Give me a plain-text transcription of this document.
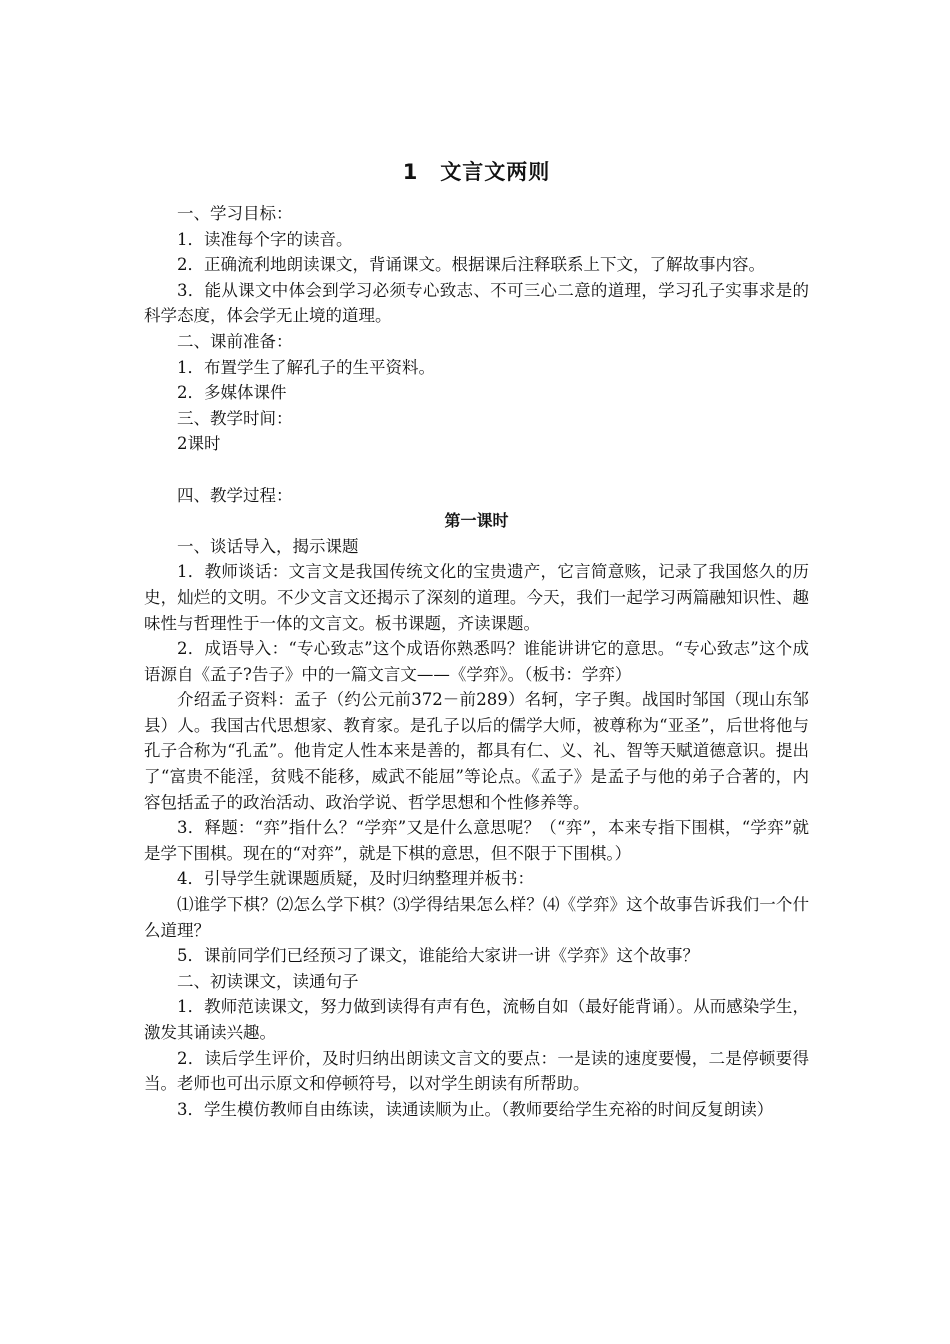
1　文言文两则

一、学习目标：

1．读准每个字的读音。

2．正确流利地朗读课文，背诵课文。根据课后注释联系上下文，了解故事内容。

3．能从课文中体会到学习必须专心致志、不可三心二意的道理，学习孔子实事求是的科学态度，体会学无止境的道理。

二、课前准备：

1．布置学生了解孔子的生平资料。

2．多媒体课件

三、教学时间：

2课时

四、教学过程：

第一课时

一、谈话导入，揭示课题

1．教师谈话：文言文是我国传统文化的宝贵遗产，它言简意赅，记录了我国悠久的历史，灿烂的文明。不少文言文还揭示了深刻的道理。今天，我们一起学习两篇融知识性、趣味性与哲理性于一体的文言文。板书课题，齐读课题。

2．成语导入：“专心致志”这个成语你熟悉吗？谁能讲讲它的意思。“专心致志”这个成语源自《孟子?告子》中的一篇文言文——《学弈》。（板书：学弈）

介绍孟子资料：孟子（约公元前372－前289）名轲，字子舆。战国时邹国（现山东邹县）人。我国古代思想家、教育家。是孔子以后的儒学大师，被尊称为“亚圣”，后世将他与孔子合称为“孔孟”。他肯定人性本来是善的，都具有仁、义、礼、智等天赋道德意识。提出了“富贵不能淫，贫贱不能移，威武不能屈”等论点。《孟子》是孟子与他的弟子合著的，内容包括孟子的政治活动、政治学说、哲学思想和个性修养等。

3．释题：“弈”指什么？“学弈”又是什么意思呢？（“弈”，本来专指下围棋，“学弈”就是学下围棋。现在的“对弈”，就是下棋的意思，但不限于下围棋。）

4．引导学生就课题质疑，及时归纳整理并板书：

⑴谁学下棋？⑵怎么学下棋？⑶学得结果怎么样？⑷《学弈》这个故事告诉我们一个什么道理？

5．课前同学们已经预习了课文，谁能给大家讲一讲《学弈》这个故事？

二、初读课文，读通句子

1．教师范读课文，努力做到读得有声有色，流畅自如（最好能背诵）。从而感染学生，激发其诵读兴趣。

2．读后学生评价，及时归纳出朗读文言文的要点：一是读的速度要慢，二是停顿要得当。老师也可出示原文和停顿符号，以对学生朗读有所帮助。

3．学生模仿教师自由练读，读通读顺为止。（教师要给学生充裕的时间反复朗读）
